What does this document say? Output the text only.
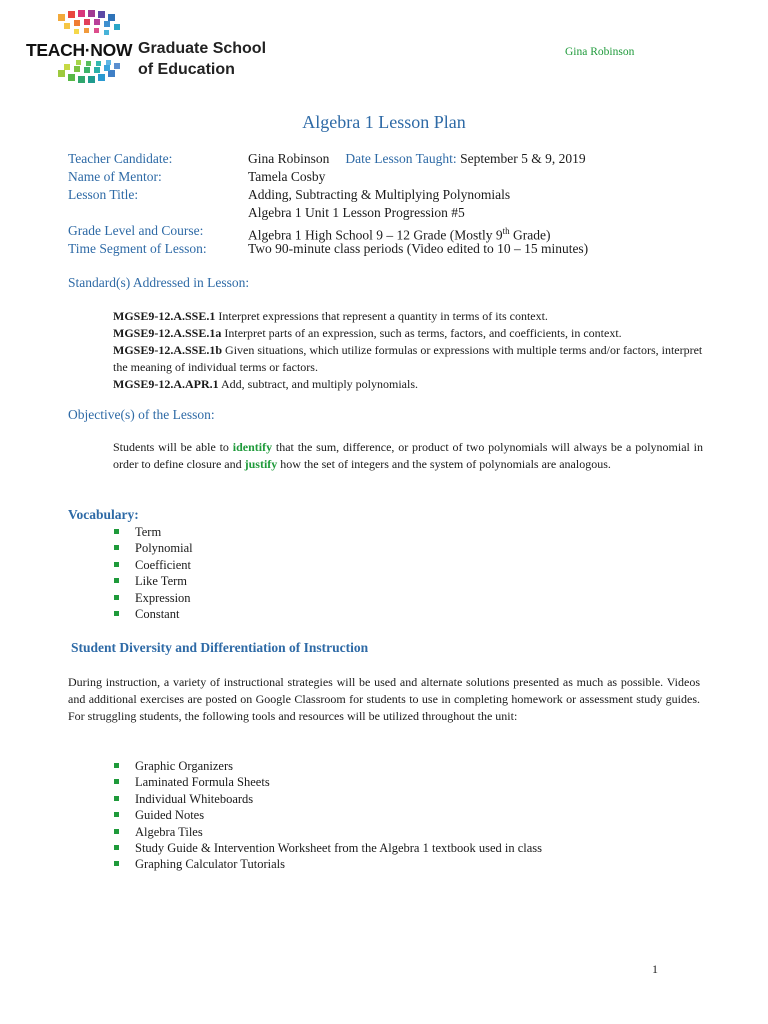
TEACH·NOW Graduate School
of Education
Gina Robinson
Algebra 1 Lesson Plan
Teacher Candidate:	Gina Robinson Date Lesson Taught: September 5 & 9, 2019
Name of Mentor:	Tamela Cosby
Lesson Title:	Adding, Subtracting & Multiplying Polynomials
Algebra 1 Unit 1 Lesson Progression #5
Grade Level and Course:	Algebra 1 High School 9 – 12 Grade (Mostly 9th Grade)
Time Segment of Lesson:	Two 90-minute class periods (Video edited to 10 – 15 minutes)
Standard(s) Addressed in Lesson:
MGSE9-12.A.SSE.1 Interpret expressions that represent a quantity in terms of its context.
MGSE9-12.A.SSE.1a Interpret parts of an expression, such as terms, factors, and coefficients, in context.
MGSE9-12.A.SSE.1b Given situations, which utilize formulas or expressions with multiple terms and/or factors, interpret the meaning of individual terms or factors.
MGSE9-12.A.APR.1 Add, subtract, and multiply polynomials.
Objective(s) of the Lesson:
Students will be able to identify that the sum, difference, or product of two polynomials will always be a polynomial in order to define closure and justify how the set of integers and the system of polynomials are analogous.
Vocabulary:
Term
Polynomial
Coefficient
Like Term
Expression
Constant
Student Diversity and Differentiation of Instruction
During instruction, a variety of instructional strategies will be used and alternate solutions presented as much as possible. Videos and additional exercises are posted on Google Classroom for students to use in completing homework or assessment study guides. For struggling students, the following tools and resources will be utilized throughout the unit:
Graphic Organizers
Laminated Formula Sheets
Individual Whiteboards
Guided Notes
Algebra Tiles
Study Guide & Intervention Worksheet from the Algebra 1 textbook used in class
Graphing Calculator Tutorials
1
